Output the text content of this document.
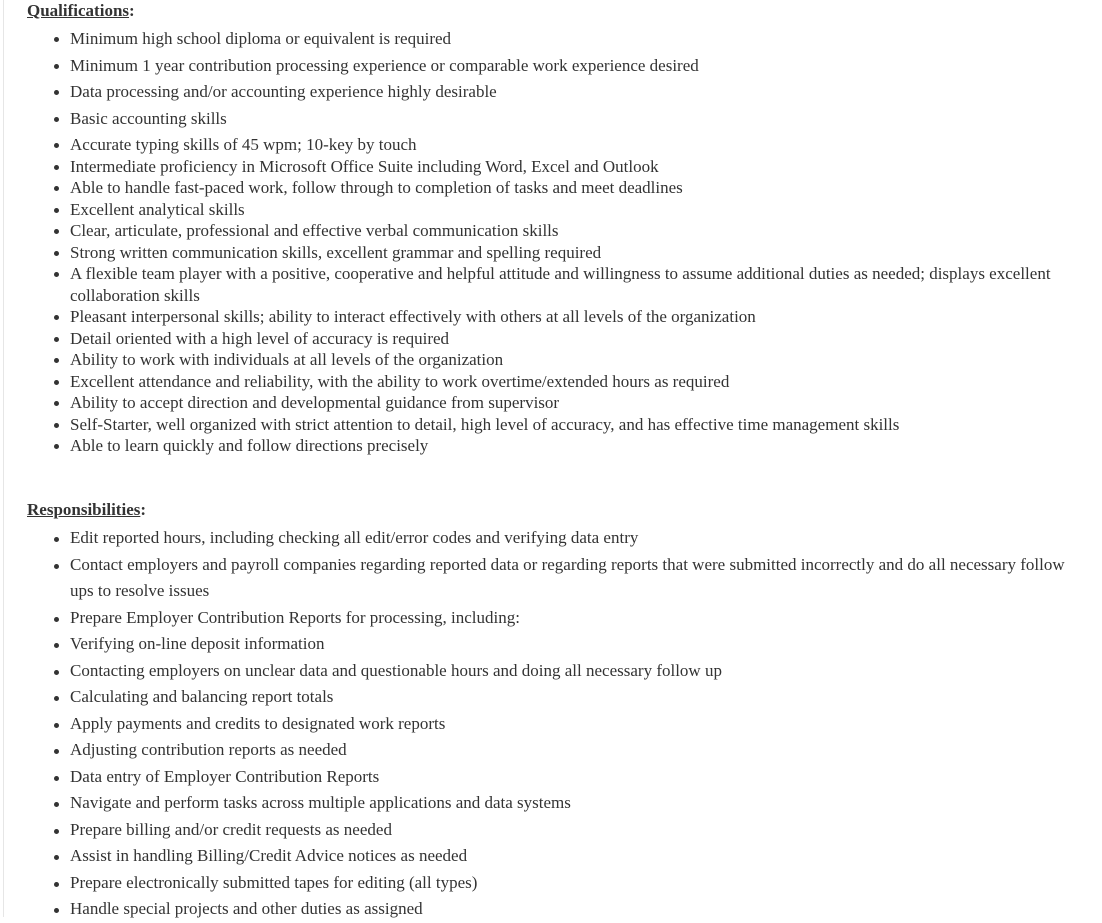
Qualifications:

Minimum high school diploma or equivalent is required
Minimum 1 year contribution processing experience or comparable work experience desired
Data processing and/or accounting experience highly desirable
Basic accounting skills
Accurate typing skills of 45 wpm; 10-key by touch
Intermediate proficiency in Microsoft Office Suite including Word, Excel and Outlook
Able to handle fast-paced work, follow through to completion of tasks and meet deadlines
Excellent analytical skills
Clear, articulate, professional and effective verbal communication skills
Strong written communication skills, excellent grammar and spelling required
A flexible team player with a positive, cooperative and helpful attitude and willingness to assume additional duties as needed; displays excellent collaboration skills
Pleasant interpersonal skills; ability to interact effectively with others at all levels of the organization
Detail oriented with a high level of accuracy is required
Ability to work with individuals at all levels of the organization
Excellent attendance and reliability, with the ability to work overtime/extended hours as required
Ability to accept direction and developmental guidance from supervisor
Self-Starter, well organized with strict attention to detail, high level of accuracy, and has effective time management skills
Able to learn quickly and follow directions precisely

Responsibilities:

Edit reported hours, including checking all edit/error codes and verifying data entry
Contact employers and payroll companies regarding reported data or regarding reports that were submitted incorrectly and do all necessary follow ups to resolve issues
Prepare Employer Contribution Reports for processing, including:
Verifying on-line deposit information
Contacting employers on unclear data and questionable hours and doing all necessary follow up
Calculating and balancing report totals
Apply payments and credits to designated work reports
Adjusting contribution reports as needed
Data entry of Employer Contribution Reports
Navigate and perform tasks across multiple applications and data systems
Prepare billing and/or credit requests as needed
Assist in handling Billing/Credit Advice notices as needed
Prepare electronically submitted tapes for editing (all types)
Handle special projects and other duties as assigned
